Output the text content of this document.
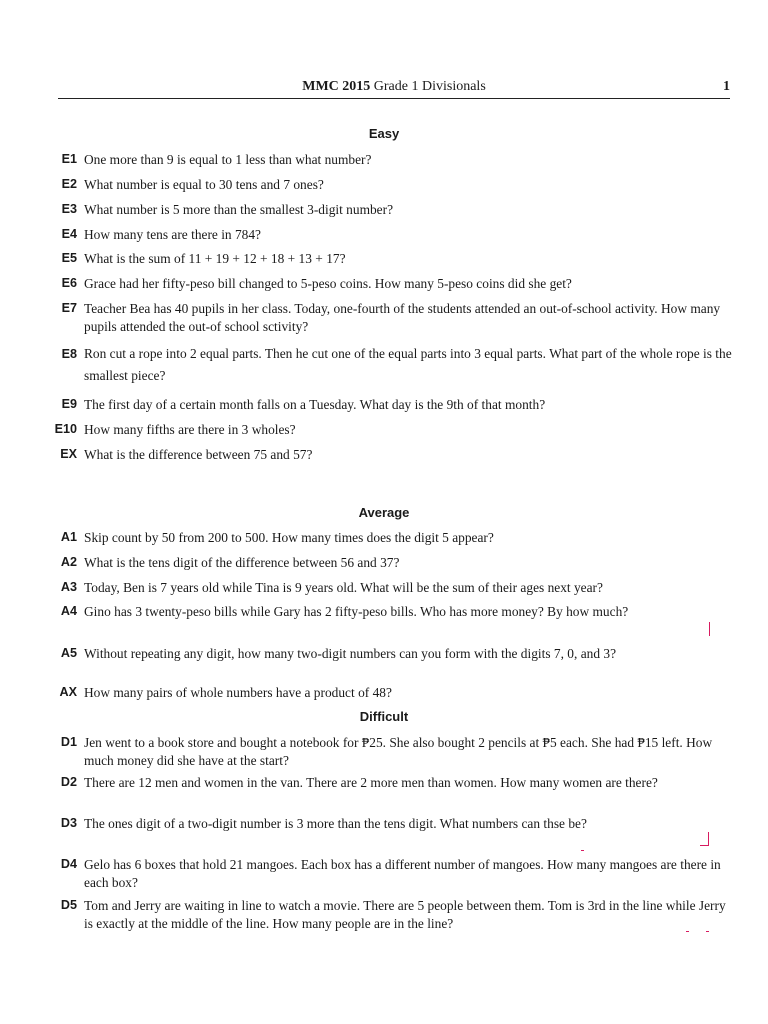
MMC 2015 Grade 1 Divisionals	1
Easy
E1 One more than 9 is equal to 1 less than what number?
E2 What number is equal to 30 tens and 7 ones?
E3 What number is 5 more than the smallest 3-digit number?
E4 How many tens are there in 784?
E5 What is the sum of 11 + 19 + 12 + 18 + 13 + 17?
E6 Grace had her fifty-peso bill changed to 5-peso coins. How many 5-peso coins did she get?
E7 Teacher Bea has 40 pupils in her class. Today, one-fourth of the students attended an out-of-school activity. How many pupils attended the out-of school sctivity?
E8 Ron cut a rope into 2 equal parts. Then he cut one of the equal parts into 3 equal parts. What part of the whole rope is the smallest piece?
E9 The first day of a certain month falls on a Tuesday. What day is the 9th of that month?
E10 How many fifths are there in 3 wholes?
EX What is the difference between 75 and 57?
Average
A1 Skip count by 50 from 200 to 500. How many times does the digit 5 appear?
A2 What is the tens digit of the difference between 56 and 37?
A3 Today, Ben is 7 years old while Tina is 9 years old. What will be the sum of their ages next year?
A4 Gino has 3 twenty-peso bills while Gary has 2 fifty-peso bills. Who has more money? By how much?
A5 Without repeating any digit, how many two-digit numbers can you form with the digits 7, 0, and 3?
AX How many pairs of whole numbers have a product of 48?
Difficult
D1 Jen went to a book store and bought a notebook for ₱25. She also bought 2 pencils at ₱5 each. She had ₱15 left. How much money did she have at the start?
D2 There are 12 men and women in the van. There are 2 more men than women. How many women are there?
D3 The ones digit of a two-digit number is 3 more than the tens digit. What numbers can thse be?
D4 Gelo has 6 boxes that hold 21 mangoes. Each box has a different number of mangoes. How many mangoes are there in each box?
D5 Tom and Jerry are waiting in line to watch a movie. There are 5 people between them. Tom is 3rd in the line while Jerry is exactly at the middle of the line. How many people are in the line?
